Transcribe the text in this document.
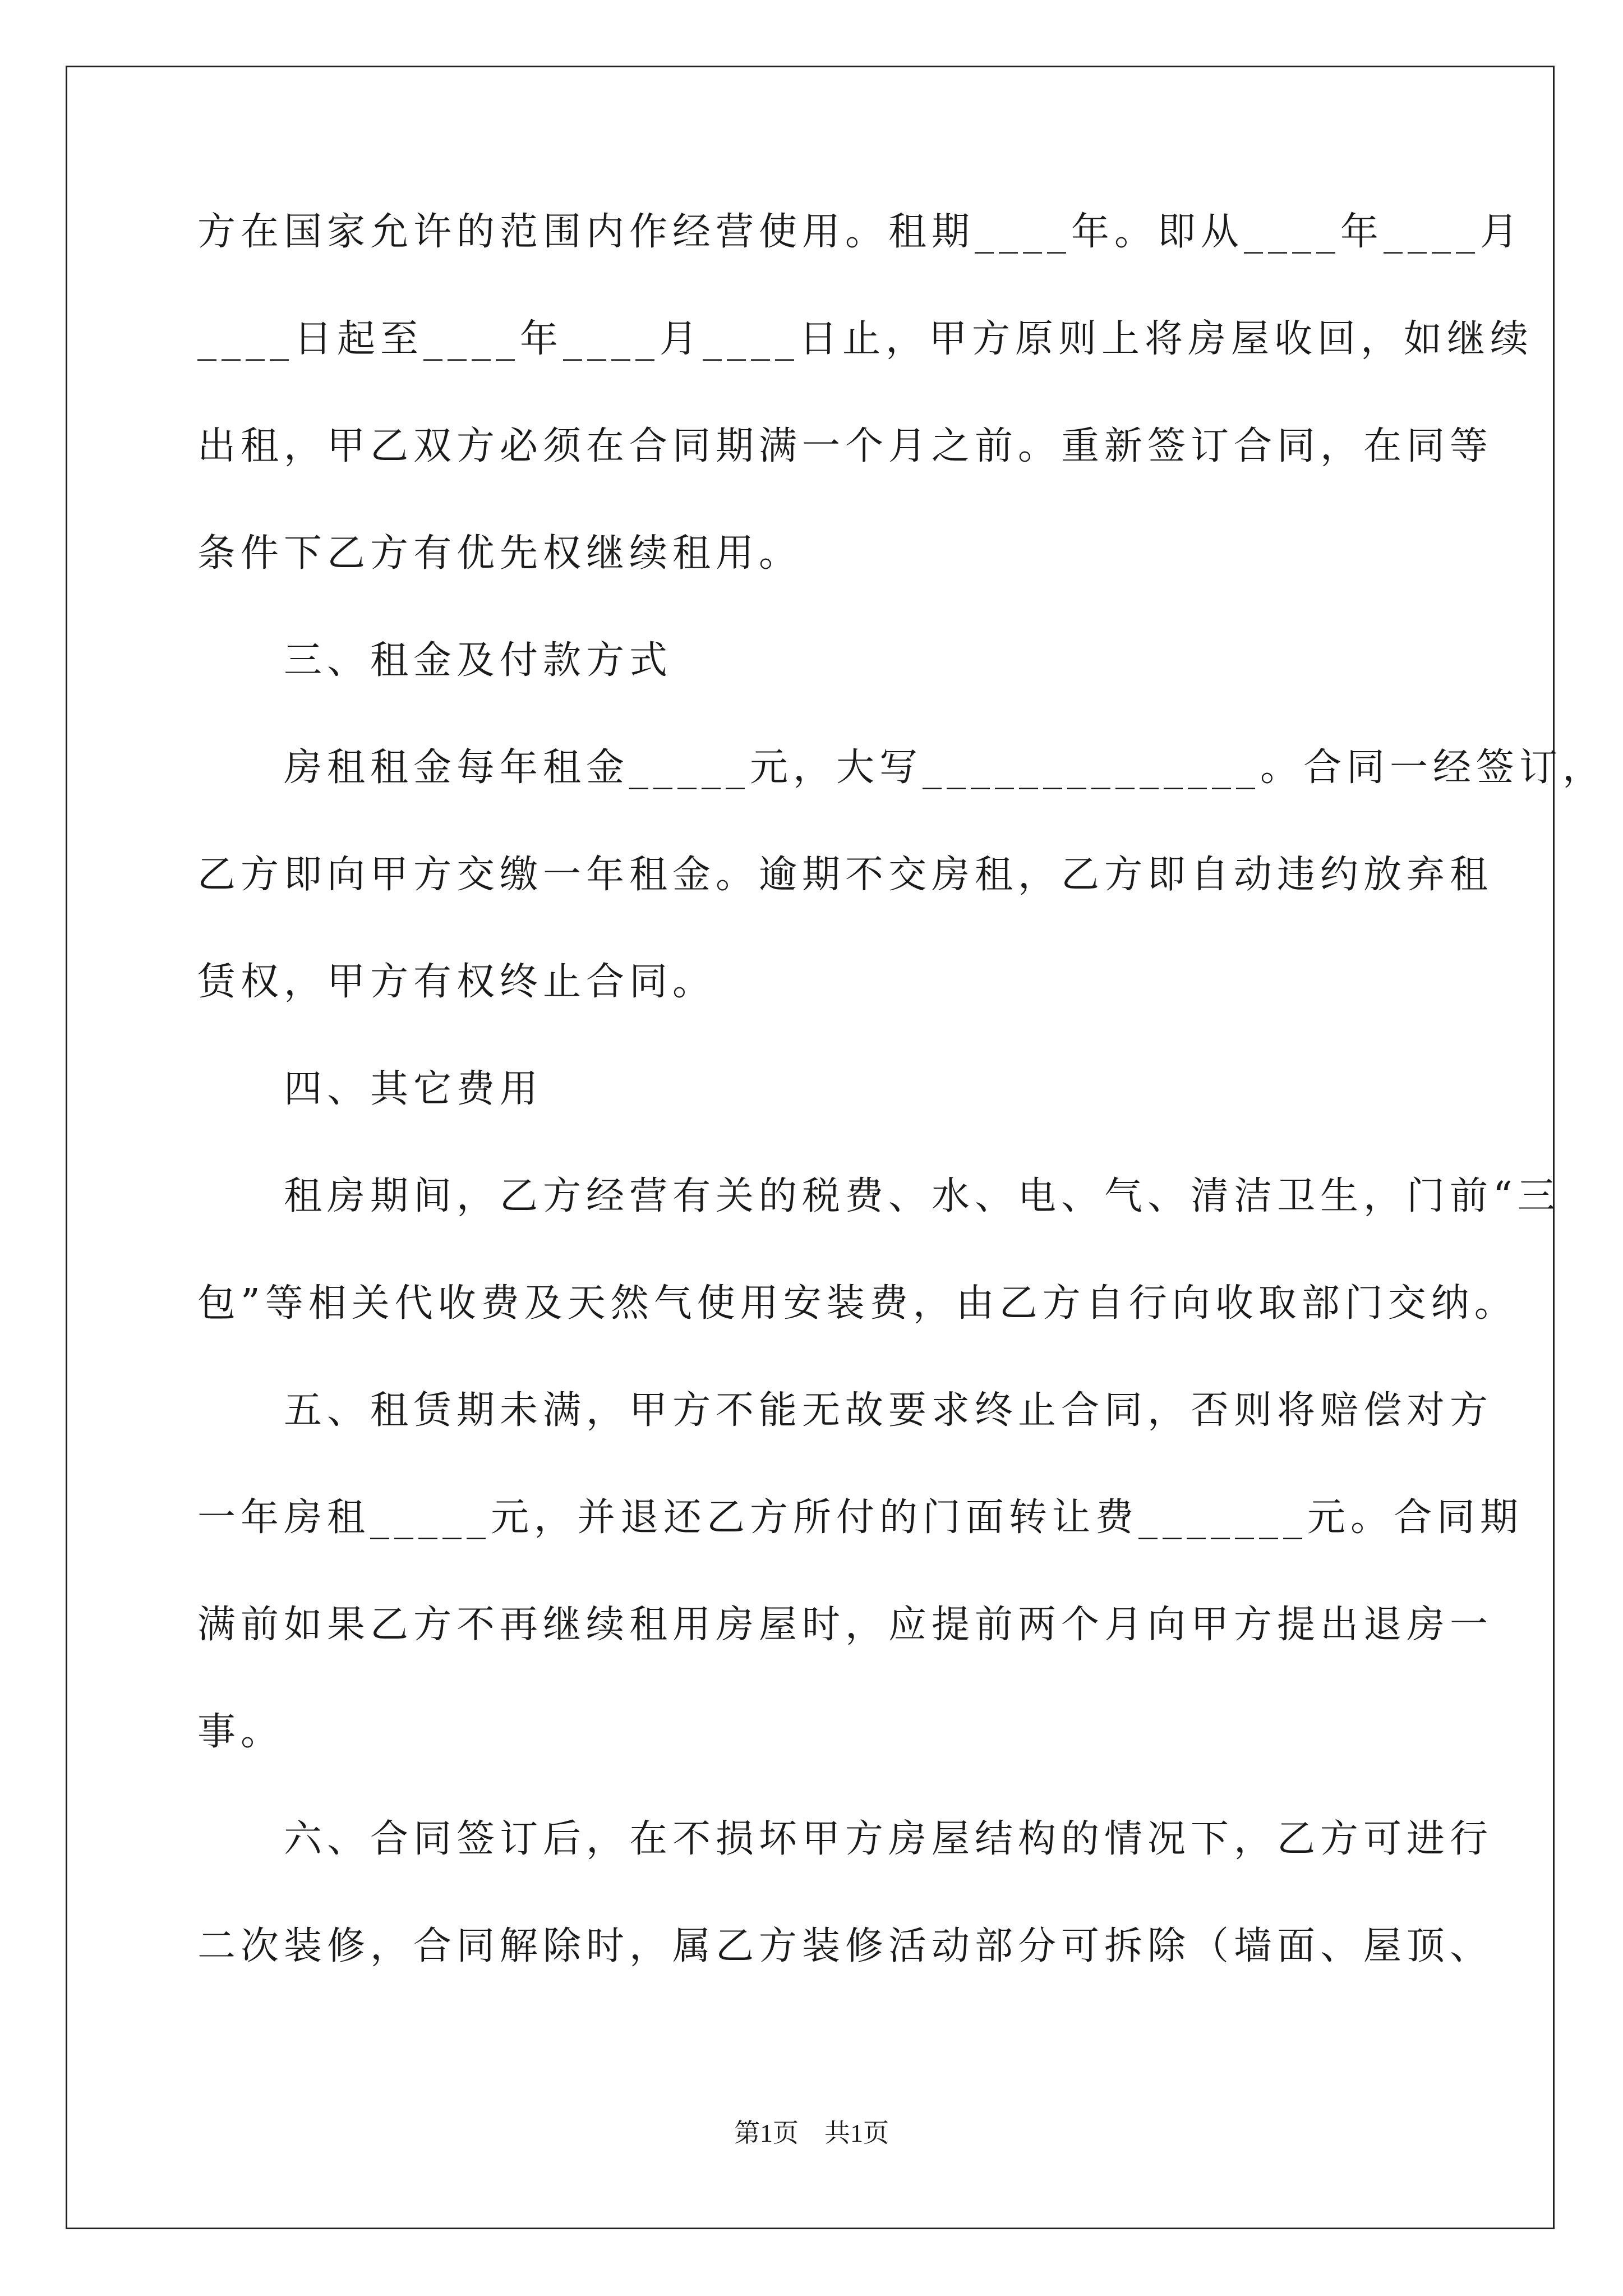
方在国家允许的范围内作经营使用。租期____年。即从____年____月
____日起至____年____月____日止，甲方原则上将房屋收回，如继续
出租，甲乙双方必须在合同期满一个月之前。重新签订合同，在同等
条件下乙方有优先权继续租用。
　　三、租金及付款方式
　　房租租金每年租金_____元，大写______________。合同一经签订，
乙方即向甲方交缴一年租金。逾期不交房租，乙方即自动违约放弃租
赁权，甲方有权终止合同。
　　四、其它费用
　　租房期间，乙方经营有关的税费、水、电、气、清洁卫生，门前“三
包”等相关代收费及天然气使用安装费，由乙方自行向收取部门交纳。
　　五、租赁期未满，甲方不能无故要求终止合同，否则将赔偿对方
一年房租_____元，并退还乙方所付的门面转让费_______元。合同期
满前如果乙方不再继续租用房屋时，应提前两个月向甲方提出退房一
事。
　　六、合同签订后，在不损坏甲方房屋结构的情况下，乙方可进行
二次装修，合同解除时，属乙方装修活动部分可拆除（墙面、屋顶、
第1页　共1页
